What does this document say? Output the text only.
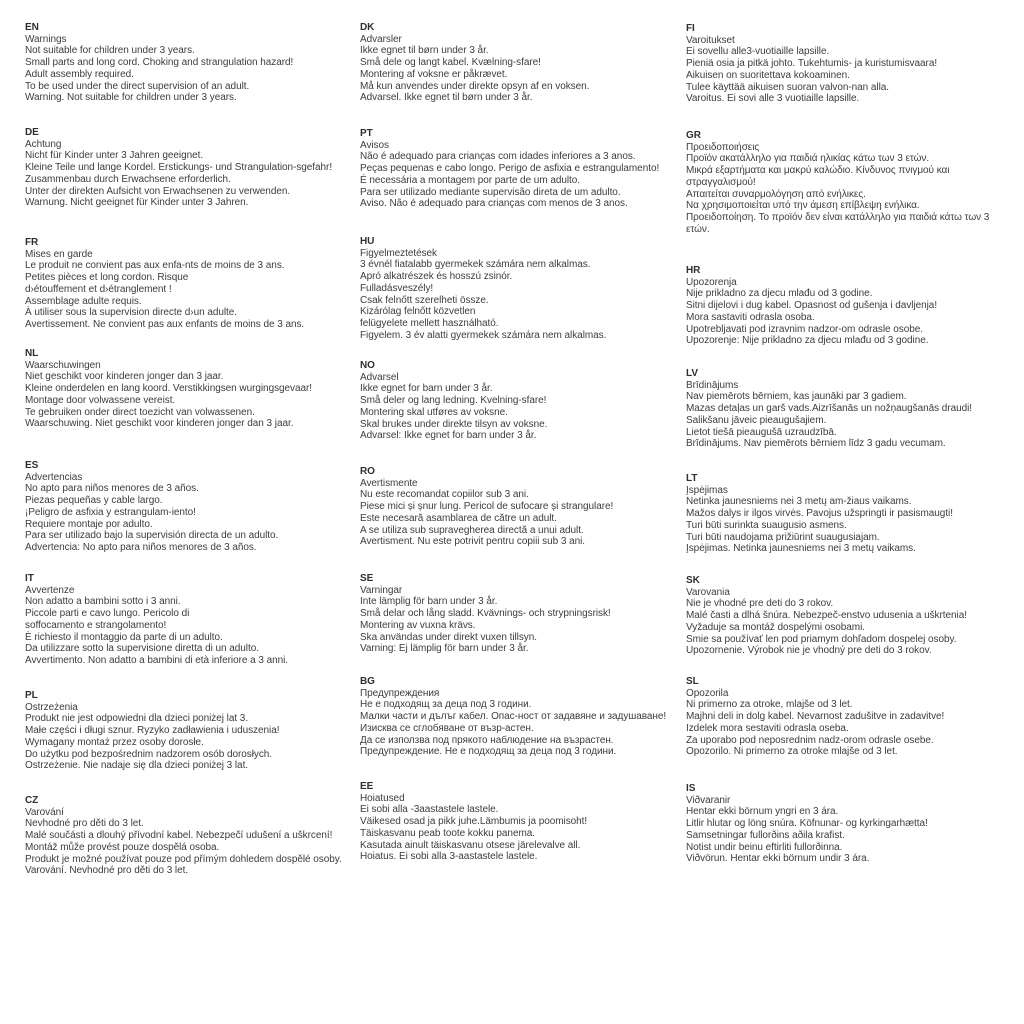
EN
Warnings
Not suitable for children under 3 years.
Small parts and long cord. Choking and strangulation hazard!
Adult assembly required.
To be used under the direct supervision of an adult.
Warning. Not suitable for children under 3 years.
DE
Achtung
Nicht für Kinder unter 3 Jahren geeignet.
Kleine Teile und lange Kordel. Erstickungs- und Strangulation-sgefahr!
Zusammenbau durch Erwachsene erforderlich.
Unter der direkten Aufsicht von Erwachsenen zu verwenden.
Warnung. Nicht geeignet für Kinder unter 3 Jahren.
FR
Mises en garde
Le produit ne convient pas aux enfa-nts de moins de 3 ans.
Petites pièces et long cordon. Risque
d›étouffement et d›étranglement !
Assemblage adulte requis.
À utiliser sous la supervision directe d›un adulte.
Avertissement. Ne convient pas aux enfants de moins de 3 ans.
NL
Waarschuwingen
Niet geschikt voor kinderen jonger dan 3 jaar.
Kleine onderdelen en lang koord. Verstikkingsen wurgingsgevaar!
Montage door volwassene vereist.
Te gebruiken onder direct toezicht van volwassenen.
Waarschuwing. Niet geschikt voor kinderen jonger dan 3 jaar.
ES
Advertencias
No apto para niños menores de 3 años.
Piezas pequeñas y cable largo.
¡Peligro de asfixia y estrangulam-iento!
Requiere montaje por adulto.
Para ser utilizado bajo la supervisión directa de un adulto.
Advertencia: No apto para niños menores de 3 años.
IT
Avvertenze
Non adatto a bambini sotto i 3 anni.
Piccole parti e cavo lungo. Pericolo di
soffocamento e strangolamento!
È richiesto il montaggio da parte di un adulto.
Da utilizzare sotto la supervisione diretta di un adulto.
Avvertimento. Non adatto a bambini di età inferiore a 3 anni.
PL
Ostrzeżenia
Produkt nie jest odpowiedni dla dzieci poniżej lat 3.
Małe części i długi sznur. Ryzyko zadławienia i uduszenia!
Wymagany montaż przez osoby dorosłe.
Do użytku pod bezpośrednim nadzorem osób dorosłych.
Ostrzeżenie. Nie nadaje się dla dzieci poniżej 3 lat.
CZ
Varování
Nevhodné pro děti do 3 let.
Malé součásti a dlouhý přívodní kabel. Nebezpečí udušení a uškrcení!
Montáž může provést pouze dospělá osoba.
Produkt je možné používat pouze pod přímým dohledem dospělé osoby.
Varování. Nevhodné pro děti do 3 let.
DK
Advarsler
Ikke egnet til børn under 3 år.
Små dele og langt kabel. Kvælning-sfare!
Montering af voksne er påkrævet.
Må kun anvendes under direkte opsyn af en voksen.
Advarsel. Ikke egnet til børn under 3 år.
PT
Avisos
Não é adequado para crianças com idades inferiores a 3 anos.
Peças pequenas e cabo longo. Perigo de asfixia e estrangulamento!
É necessária a montagem por parte de um adulto.
Para ser utilizado mediante supervisão direta de um adulto.
Aviso. Não é adequado para crianças com menos de 3 anos.
HU
Figyelmeztetések
3 évnél fiatalabb gyermekek számára nem alkalmas.
Apró alkatrészek és hosszú zsinór.
Fulladásveszély!
Csak felnőtt szerelheti össze.
Kizárólag felnőtt közvetlen
felügyelete mellett használható.
Figyelem. 3 év alatti gyermekek számára nem alkalmas.
NO
Advarsel
Ikke egnet for barn under 3 år.
Små deler og lang ledning. Kvelning-sfare!
Montering skal utføres av voksne.
Skal brukes under direkte tilsyn av voksne.
Advarsel: Ikke egnet for barn under 3 år.
RO
Avertismente
Nu este recomandat copiilor sub 3 ani.
Piese mici și șnur lung. Pericol de sufocare și strangulare!
Este necesară asamblarea de către un adult.
A se utiliza sub supravegherea directă a unui adult.
Avertisment. Nu este potrivit pentru copiii sub 3 ani.
SE
Varningar
Inte lämplig för barn under 3 år.
Små delar och lång sladd. Kvävnings- och strypningsrisk!
Montering av vuxna krävs.
Ska användas under direkt vuxen tillsyn.
Varning: Ej lämplig för barn under 3 år.
BG
Предупреждения
Не е подходящ за деца под 3 години.
Малки части и дълъг кабел. Опас-ност от задавяне и задушаване!
Изисква се сглобяване от възр-астен.
Да се използва под прякото наблюдение на възрастен.
Предупреждение. Не е подходящ за деца под 3 години.
EE
Hoiatused
Ei sobi alla -3aastastele lastele.
Väikesed osad ja pikk juhe.Lämbumis ja poomisoht!
Täiskasvanu peab toote kokku panema.
Kasutada ainult täiskasvanu otsese järelevalve all.
Hoiatus. Ei sobi alla 3-aastastele lastele.
FI
Varoitukset
Ei sovellu alle3-vuotiaille lapsille.
Pieniä osia ja pitkä johto. Tukehtumis- ja kuristumisvaara!
Aikuisen on suoritettava kokoaminen.
Tulee käyttää aikuisen suoran valvon-nan alla.
Varoitus. Ei sovi alle 3 vuotiaille lapsille.
GR
Προειδοποιήσεις
Προϊόν ακατάλληλο για παιδιά ηλικίας κάτω των 3 ετών.
Μικρά εξαρτήματα και μακρύ καλώδιο. Κίνδυνος πνιγμού και
στραγγαλισμού!
Απαιτείται συναρμολόγηση από ενήλικες.
Να χρησιμοποιείται υπό την άμεση επίβλεψη ενήλικα.
Προειδοποίηση. Το προϊόν δεν είναι κατάλληλο για παιδιά κάτω των 3
ετών.
HR
Upozorenja
Nije prikladno za djecu mlađu od 3 godine.
Sitni dijelovi i dug kabel. Opasnost od gušenja i davljenja!
Mora sastaviti odrasla osoba.
Upotrebljavati pod izravnim nadzor-om odrasle osobe.
Upozorenje: Nije prikladno za djecu mlađu od 3 godine.
LV
Brīdinājums
Nav piemērots bērniem, kas jaunāki par 3 gadiem.
Mazas detaļas un garš vads.Aizrīšanās un nožņaugšanās draudi!
Salikšanu jāveic pieaugušajiem.
Lietot tiešā pieaugušā uzraudzībā.
Brīdinājums. Nav piemērots bērniem līdz 3 gadu vecumam.
LT
Įspėjimas
Netinka jaunesniems nei 3 metų am-žiaus vaikams.
Mažos dalys ir ilgos virvės. Pavojus užspringti ir pasismaugti!
Turi būti surinkta suaugusio asmens.
Turi būti naudojama prižiūrint suaugusiajam.
Įspėjimas. Netinka jaunesniems nei 3 metų vaikams.
SK
Varovania
Nie je vhodné pre deti do 3 rokov.
Malé časti a dlhá šnúra. Nebezpeč-enstvo udusenia a uškrtenia!
Vyžaduje sa montáž dospelými osobami.
Smie sa používať len pod priamym dohľadom dospelej osoby.
Upozornenie. Výrobok nie je vhodný pre deti do 3 rokov.
SL
Opozorila
Ni primerno za otroke, mlajše od 3 let.
Majhni deli in dolg kabel. Nevarnost zadušitve in zadavitve!
Izdelek mora sestaviti odrasla oseba.
Za uporabo pod neposrednim nadz-orom odrasle osebe.
Opozorilo. Ni primerno za otroke mlajše od 3 let.
IS
Viðvaranir
Hentar ekki börnum yngri en 3 ára.
Litlir hlutar og löng snúra. Köfnunar- og kyrkingarhætta!
Samsetningar fullorðins aðila krafist.
Notist undir beinu eftirliti fullorðinna.
Viðvörun. Hentar ekki börnum undir 3 ára.
